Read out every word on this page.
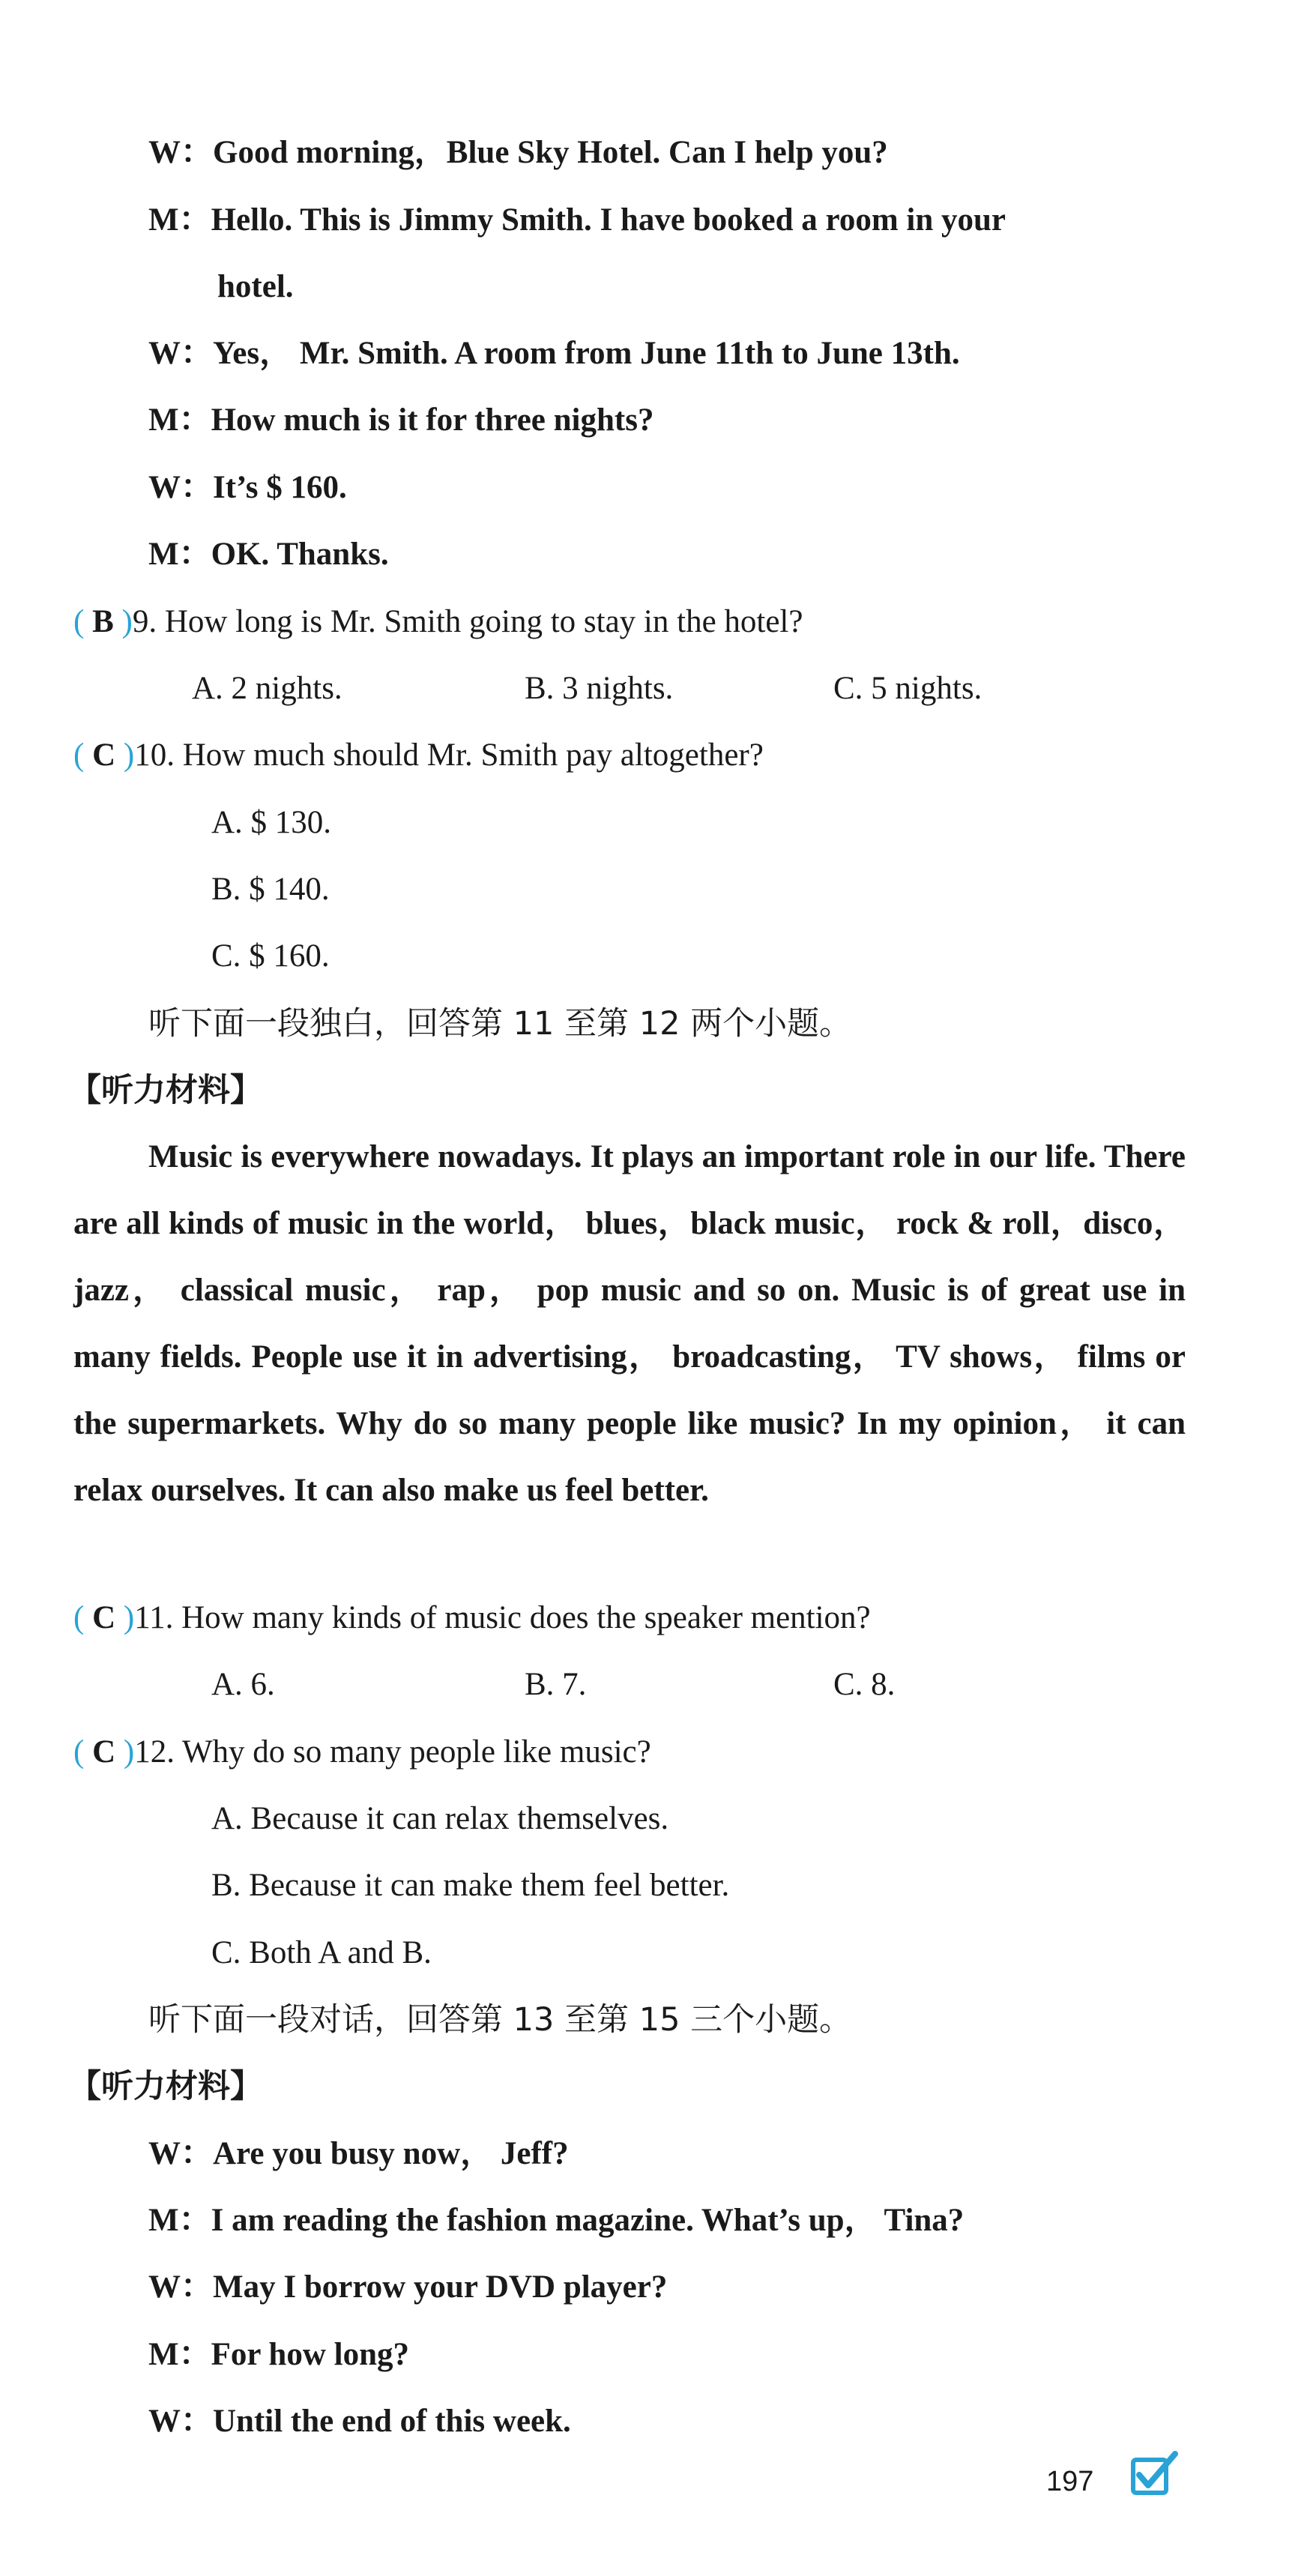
W：Good morning，Blue Sky Hotel. Can I help you?
M：Hello. This is Jimmy Smith. I have booked a room in your
hotel.
W：Yes， Mr. Smith. A room from June 11th to June 13th.
M：How much is it for three nights?
W：It’s $ 160.
M：OK. Thanks.
( B )9. How long is Mr. Smith going to stay in the hotel?
A. 2 nights.	B. 3 nights.	C. 5 nights.
( C )10. How much should Mr. Smith pay altogether?
A. $ 130.
B. $ 140.
C. $ 160.
听下面一段独白，回答第 11 至第 12 两个小题。
【听力材料】
Music is everywhere nowadays. It plays an important role in our life. There are all kinds of music in the world， blues，black music， rock & roll，disco， jazz， classical music， rap， pop music and so on. Music is of great use in many fields. People use it in advertising， broadcasting， TV shows， films or the supermarkets. Why do so many people like music? In my opinion， it can relax ourselves. It can also make us feel better.
( C )11. How many kinds of music does the speaker mention?
A. 6.	B. 7.	C. 8.
( C )12. Why do so many people like music?
A. Because it can relax themselves.
B. Because it can make them feel better.
C. Both A and B.
听下面一段对话，回答第 13 至第 15 三个小题。
【听力材料】
W：Are you busy now， Jeff?
M：I am reading the fashion magazine. What’s up， Tina?
W：May I borrow your DVD player?
M：For how long?
W：Until the end of this week.
197
